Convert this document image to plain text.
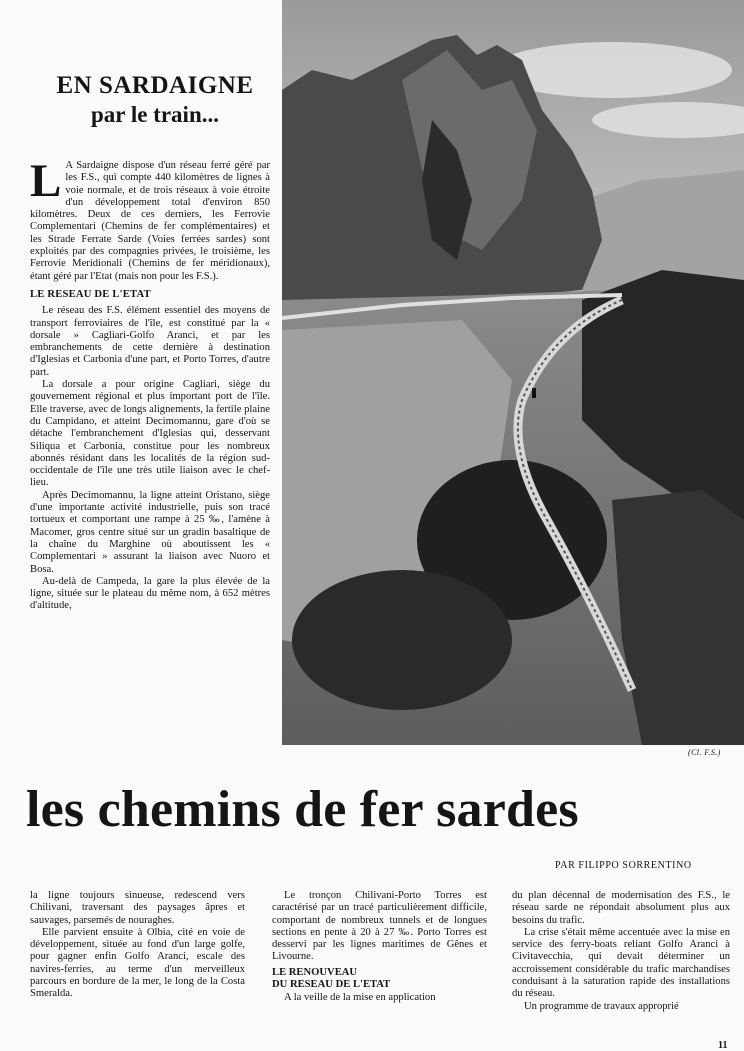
EN SARDAIGNE
par le train...

L A Sardaigne dispose d'un réseau ferré géré par les F.S., qui compte 440 kilomètres de lignes à voie normale, et de trois réseaux à voie étroite d'un développement total d'environ 850 kilomètres. Deux de ces derniers, les Ferrovie Complementari (Chemins de fer complémentaires) et les Strade Ferrate Sarde (Voies ferrées sardes) sont exploités par des compagnies privées, le troisième, les Ferrovie Meridionali (Chemins de fer méridionaux), étant géré par l'Etat (mais non pour les F.S.).

LE RESEAU DE L'ETAT

Le réseau des F.S. élément essentiel des moyens de transport ferroviaires de l'île, est constitué par la « dorsale » Cagliari-Golfo Aranci, et par les embranchements de cette dernière à destination d'Iglesias et Carbonia d'une part, et Porto Torres, d'autre part.

La dorsale a pour origine Cagliari, siège du gouvernement régional et plus important port de l'île. Elle traverse, avec de longs alignements, la fertile plaine du Campidano, et atteint Decimomannu, gare d'où se détache l'embranchement d'Iglesias qui, desservant Siliqua et Carbonia, constitue pour les nombreux abonnés résidant dans les localités de la région sud-occidentale de l'île une très utile liaison avec le chef-lieu.

Après Decimomannu, la ligne atteint Oristano, siège d'une importante activité industrielle, puis son tracé tortueux et comportant une rampe à 25 ‰, l'amène à Macomer, gros centre situé sur un gradin basaltique de la chaîne du Marghine où aboutissent les « Complementari » assurant la liaison avec Nuoro et Bosa.

Au-delà de Campeda, la gare la plus élevée de la ligne, située sur le plateau du même nom, à 652 mètres d'altitude,

(Cl. F.S.)
les chemins de fer sardes
PAR FILIPPO SORRENTINO

la ligne toujours sinueuse, redescend vers Chilivani, traversant des paysages âpres et sauvages, parsemés de nouraghes.

Elle parvient ensuite à Olbia, cité en voie de développement, située au fond d'un large golfe, pour gagner enfin Golfo Aranci, escale des navires-ferries, au terme d'un merveilleux parcours en bordure de la mer, le long de la Costa Smeralda.

Le tronçon Chilivani-Porto Torres est caractérisé par un tracé particulièrement difficile, comportant de nombreux tunnels et de longues sections en pente à 20 à 27 ‰. Porto Torres est desservi par les lignes maritimes de Gênes et Livourne.

LE RENOUVEAU
DU RESEAU DE L'ETAT

A la veille de la mise en application

du plan décennal de modernisation des F.S., le réseau sarde ne répondait absolument plus aux besoins du trafic.

La crise s'était même accentuée avec la mise en service des ferry-boats reliant Golfo Aranci à Civitavecchia, qui devait déterminer un accroissement considérable du trafic marchandises conduisant à la saturation rapide des installations du réseau.

Un programme de travaux approprié

11
